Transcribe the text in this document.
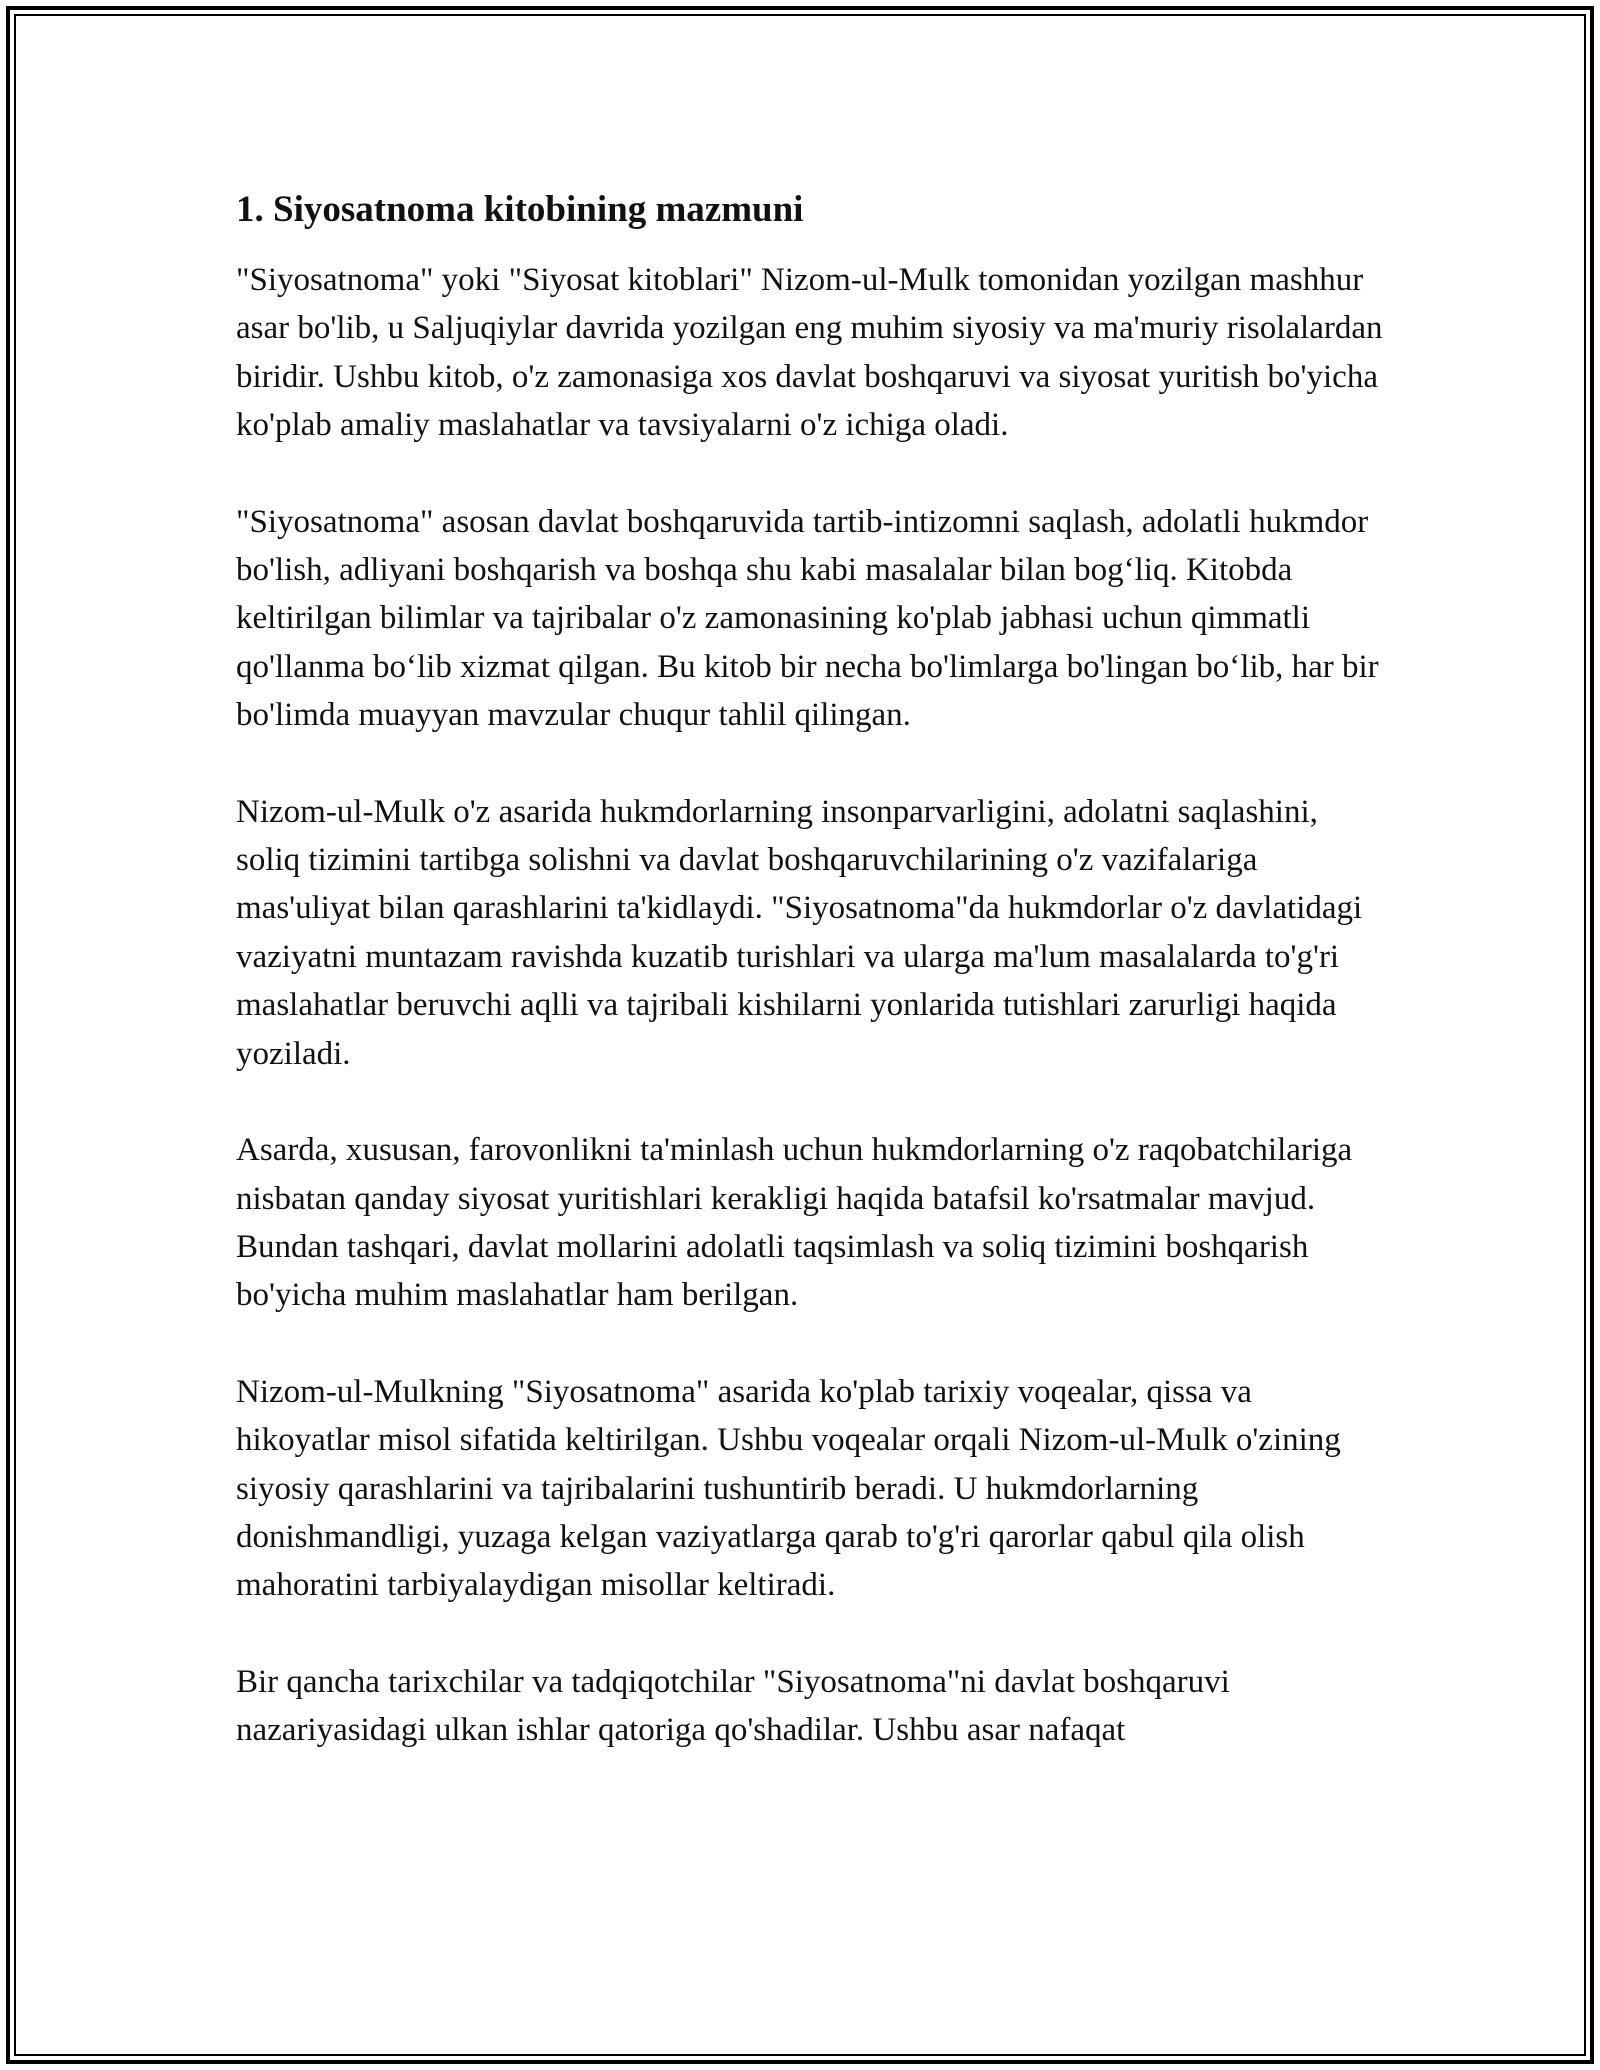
1. Siyosatnoma kitobining mazmuni

"Siyosatnoma" yoki "Siyosat kitoblari" Nizom-ul-Mulk tomonidan yozilgan mashhur asar bo'lib, u Saljuqiylar davrida yozilgan eng muhim siyosiy va ma'muriy risolalardan biridir. Ushbu kitob, o'z zamonasiga xos davlat boshqaruvi va siyosat yuritish bo'yicha ko'plab amaliy maslahatlar va tavsiyalarni o'z ichiga oladi.

"Siyosatnoma" asosan davlat boshqaruvida tartib-intizomni saqlash, adolatli hukmdor bo'lish, adliyani boshqarish va boshqa shu kabi masalalar bilan bog‘liq. Kitobda keltirilgan bilimlar va tajribalar o'z zamonasining ko'plab jabhasi uchun qimmatli qo'llanma bo‘lib xizmat qilgan. Bu kitob bir necha bo'limlarga bo'lingan bo‘lib, har bir bo'limda muayyan mavzular chuqur tahlil qilingan.

Nizom-ul-Mulk o'z asarida hukmdorlarning insonparvarligini, adolatni saqlashini, soliq tizimini tartibga solishni va davlat boshqaruvchilarining o'z vazifalariga mas'uliyat bilan qarashlarini ta'kidlaydi. "Siyosatnoma"da hukmdorlar o'z davlatidagi vaziyatni muntazam ravishda kuzatib turishlari va ularga ma'lum masalalarda to'g'ri maslahatlar beruvchi aqlli va tajribali kishilarni yonlarida tutishlari zarurligi haqida yoziladi.

Asarda, xususan, farovonlikni ta'minlash uchun hukmdorlarning o'z raqobatchilariga nisbatan qanday siyosat yuritishlari kerakligi haqida batafsil ko'rsatmalar mavjud. Bundan tashqari, davlat mollarini adolatli taqsimlash va soliq tizimini boshqarish bo'yicha muhim maslahatlar ham berilgan.

Nizom-ul-Mulkning "Siyosatnoma" asarida ko'plab tarixiy voqealar, qissa va hikoyatlar misol sifatida keltirilgan. Ushbu voqealar orqali Nizom-ul-Mulk o'zining siyosiy qarashlarini va tajribalarini tushuntirib beradi. U hukmdorlarning donishmandligi, yuzaga kelgan vaziyatlarga qarab to'g'ri qarorlar qabul qila olish mahoratini tarbiyalaydigan misollar keltiradi.

Bir qancha tarixchilar va tadqiqotchilar "Siyosatnoma"ni davlat boshqaruvi nazariyasidagi ulkan ishlar qatoriga qo'shadilar. Ushbu asar nafaqat
